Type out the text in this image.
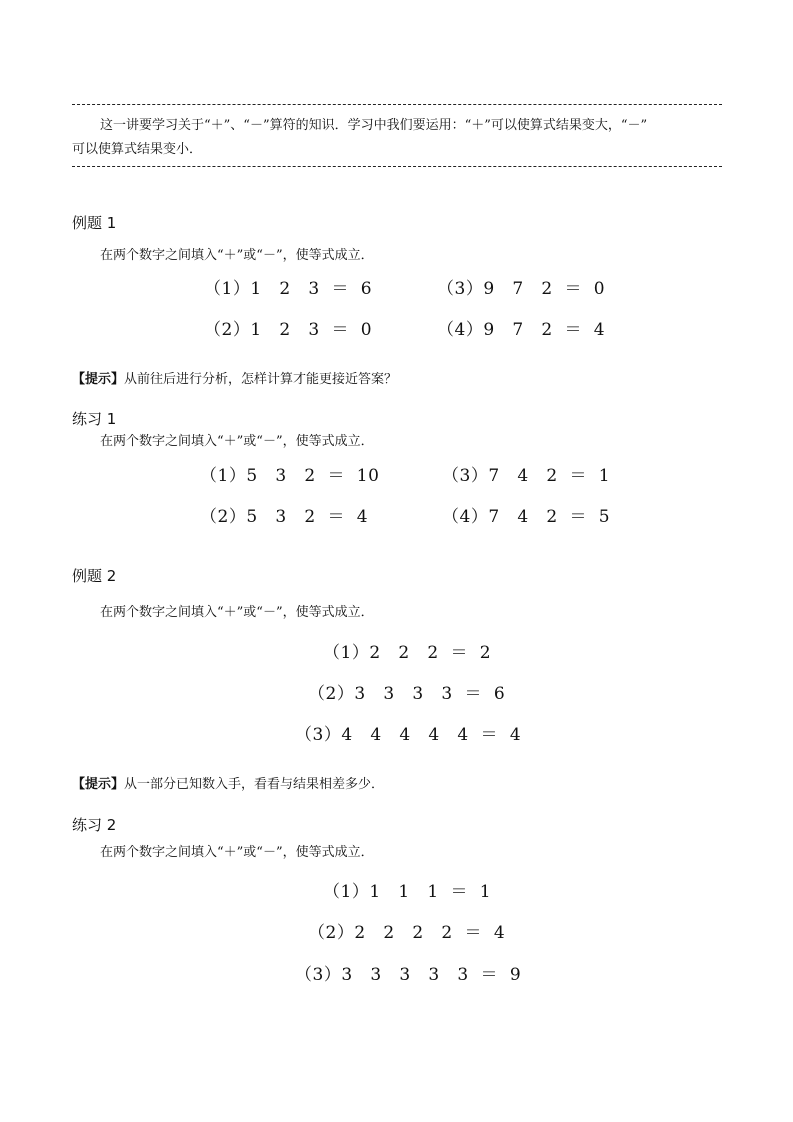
这一讲要学习关于“＋”、“－”算符的知识．学习中我们要运用：“＋”可以使算式结果变大，“－”

可以使算式结果变小．

例题 1
在两个数字之间填入“＋”或“－”，使等式成立．
（1）1   2   3  ＝  6
（2）1   2   3  ＝  0
（3）9   7   2  ＝  0
（4）9   7   2  ＝  4
【提示】从前往后进行分析，怎样计算才能更接近答案？
练习 1
在两个数字之间填入“＋”或“－”，使等式成立．
（1）5   3   2  ＝  10
（2）5   3   2  ＝  4
（3）7   4   2  ＝  1
（4）7   4   2  ＝  5
例题 2
在两个数字之间填入“＋”或“－”，使等式成立．
（1）2   2   2  ＝  2
（2）3   3   3   3  ＝  6
（3）4   4   4   4   4  ＝  4
【提示】从一部分已知数入手，看看与结果相差多少．
练习 2
在两个数字之间填入“＋”或“－”，使等式成立．
（1）1   1   1  ＝  1
（2）2   2   2   2  ＝  4
（3）3   3   3   3   3  ＝  9
